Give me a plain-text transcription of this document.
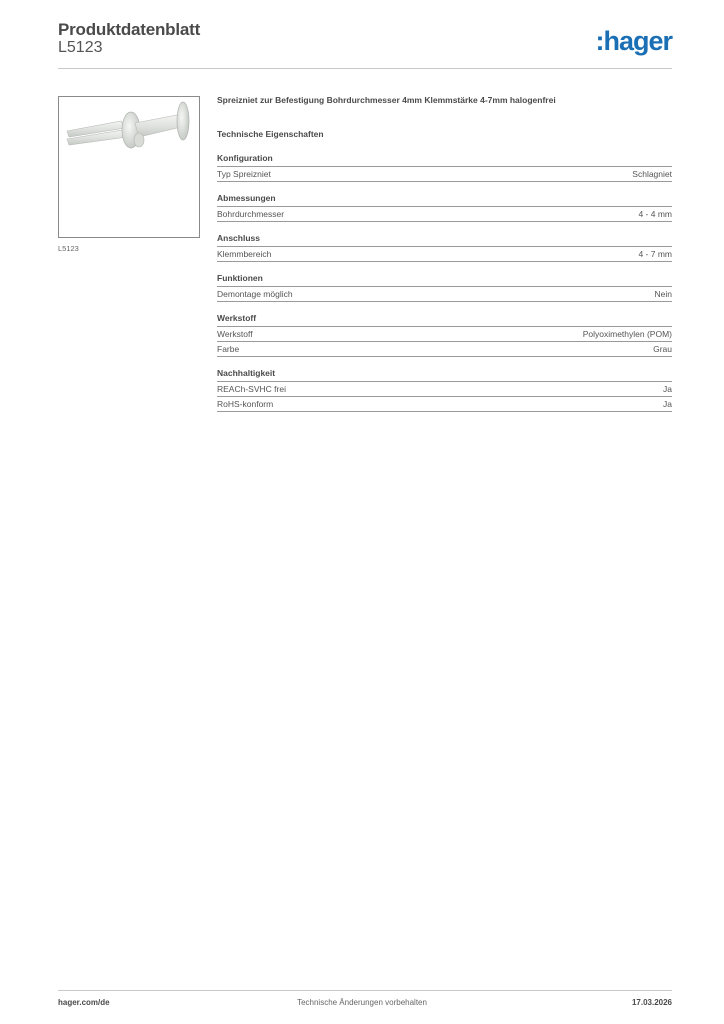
Produktdatenblatt
L5123	:hager
L5123
Spreizniet zur Befestigung Bohrdurchmesser 4mm Klemmstärke 4-7mm halogenfrei
Technische Eigenschaften
Konfiguration
Typ Spreizniet	Schlagniet
Abmessungen
Bohrdurchmesser	4 - 4 mm
Anschluss
Klemmbereich	4 - 7 mm
Funktionen
Demontage möglich	Nein
Werkstoff
Werkstoff	Polyoximethylen (POM)
Farbe	Grau
Nachhaltigkeit
REACh-SVHC frei	Ja
RoHS-konform	Ja
hager.com/de	Technische Änderungen vorbehalten	17.03.2026
